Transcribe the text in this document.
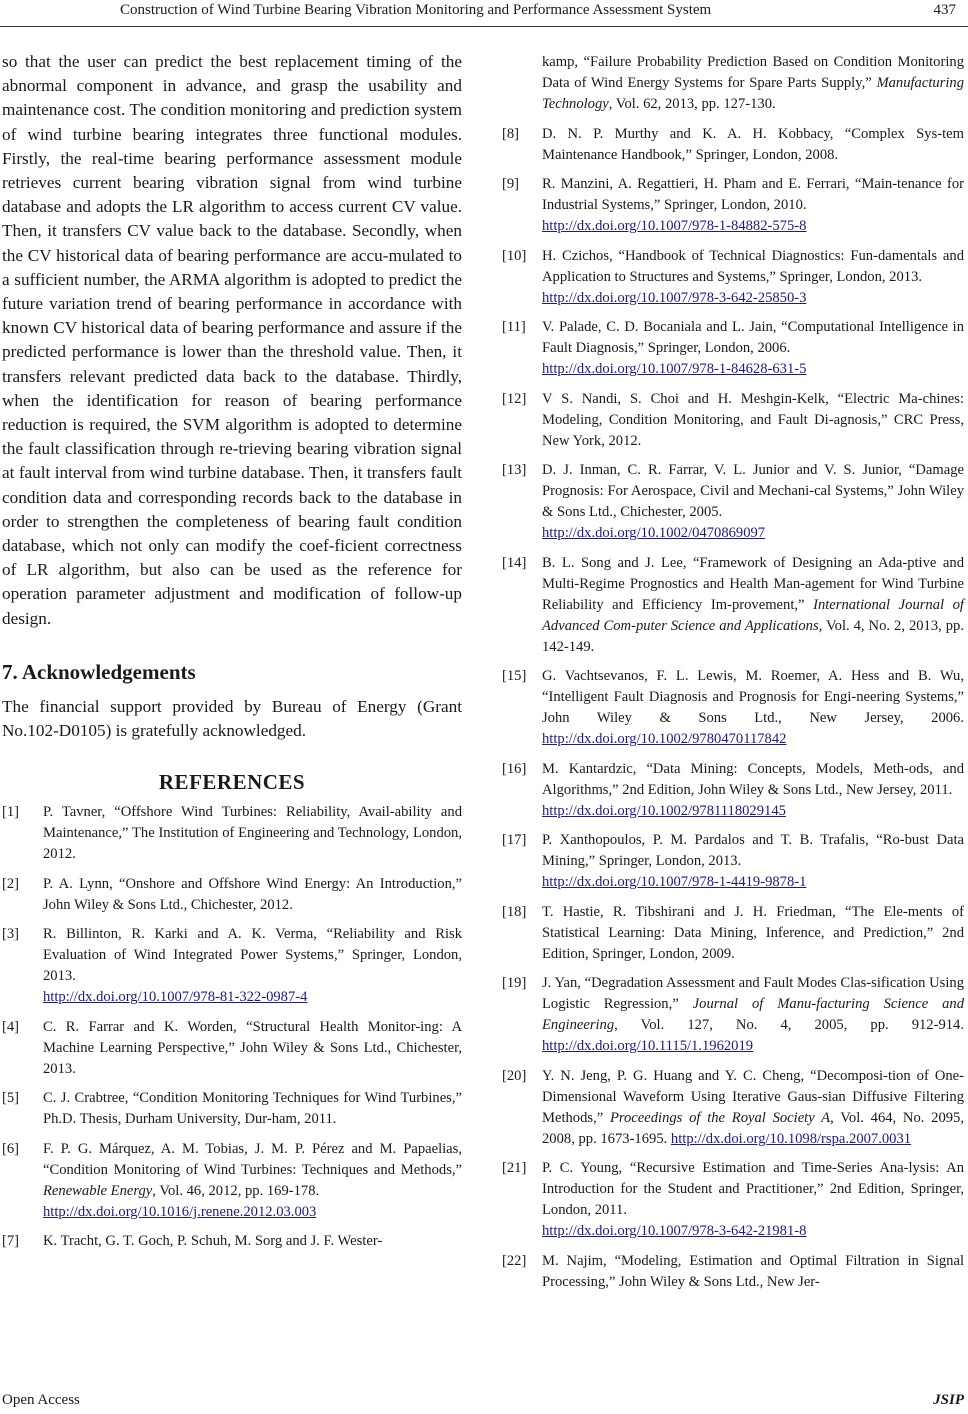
Construction of Wind Turbine Bearing Vibration Monitoring and Performance Assessment System	437

so that the user can predict the best replacement timing of the abnormal component in advance, and grasp the usability and maintenance cost. The condition monitoring and prediction system of wind turbine bearing integrates three functional modules. Firstly, the real-time bearing performance assessment module retrieves current bearing vibration signal from wind turbine database and adopts the LR algorithm to access current CV value. Then, it transfers CV value back to the database. Secondly, when the CV historical data of bearing performance are accu-mulated to a sufficient number, the ARMA algorithm is adopted to predict the future variation trend of bearing performance in accordance with known CV historical data of bearing performance and assure if the predicted performance is lower than the threshold value. Then, it transfers relevant predicted data back to the database. Thirdly, when the identification for reason of bearing performance reduction is required, the SVM algorithm is adopted to determine the fault classification through re-trieving bearing vibration signal at fault interval from wind turbine database. Then, it transfers fault condition data and corresponding records back to the database in order to strengthen the completeness of bearing fault condition database, which not only can modify the coef-ficient correctness of LR algorithm, but also can be used as the reference for operation parameter adjustment and modification of follow-up design.

7. Acknowledgements

The financial support provided by Bureau of Energy (Grant No.102-D0105) is gratefully acknowledged.

REFERENCES
[1] P. Tavner, “Offshore Wind Turbines: Reliability, Avail-ability and Maintenance,” The Institution of Engineering and Technology, London, 2012.
[2] P. A. Lynn, “Onshore and Offshore Wind Energy: An Introduction,” John Wiley & Sons Ltd., Chichester, 2012.
[3] R. Billinton, R. Karki and A. K. Verma, “Reliability and Risk Evaluation of Wind Integrated Power Systems,” Springer, London, 2013.
http://dx.doi.org/10.1007/978-81-322-0987-4
[4] C. R. Farrar and K. Worden, “Structural Health Monitor-ing: A Machine Learning Perspective,” John Wiley & Sons Ltd., Chichester, 2013.
[5] C. J. Crabtree, “Condition Monitoring Techniques for Wind Turbines,” Ph.D. Thesis, Durham University, Dur-ham, 2011.
[6] F. P. G. Márquez, A. M. Tobias, J. M. P. Pérez and M. Papaelias, “Condition Monitoring of Wind Turbines: Techniques and Methods,” Renewable Energy, Vol. 46, 2012, pp. 169-178.
http://dx.doi.org/10.1016/j.renene.2012.03.003
[7] K. Tracht, G. T. Goch, P. Schuh, M. Sorg and J. F. Wester-
kamp, “Failure Probability Prediction Based on Condition Monitoring Data of Wind Energy Systems for Spare Parts Supply,” Manufacturing Technology, Vol. 62, 2013, pp. 127-130.
[8] D. N. P. Murthy and K. A. H. Kobbacy, “Complex Sys-tem Maintenance Handbook,” Springer, London, 2008.
[9] R. Manzini, A. Regattieri, H. Pham and E. Ferrari, “Main-tenance for Industrial Systems,” Springer, London, 2010.
http://dx.doi.org/10.1007/978-1-84882-575-8
[10] H. Czichos, “Handbook of Technical Diagnostics: Fun-damentals and Application to Structures and Systems,” Springer, London, 2013.
http://dx.doi.org/10.1007/978-3-642-25850-3
[11] V. Palade, C. D. Bocaniala and L. Jain, “Computational Intelligence in Fault Diagnosis,” Springer, London, 2006.
http://dx.doi.org/10.1007/978-1-84628-631-5
[12] V S. Nandi, S. Choi and H. Meshgin-Kelk, “Electric Ma-chines: Modeling, Condition Monitoring, and Fault Di-agnosis,” CRC Press, New York, 2012.
[13] D. J. Inman, C. R. Farrar, V. L. Junior and V. S. Junior, “Damage Prognosis: For Aerospace, Civil and Mechani-cal Systems,” John Wiley & Sons Ltd., Chichester, 2005.
http://dx.doi.org/10.1002/0470869097
[14] B. L. Song and J. Lee, “Framework of Designing an Ada-ptive and Multi-Regime Prognostics and Health Man-agement for Wind Turbine Reliability and Efficiency Im-provement,” International Journal of Advanced Com-puter Science and Applications, Vol. 4, No. 2, 2013, pp. 142-149.
[15] G. Vachtsevanos, F. L. Lewis, M. Roemer, A. Hess and B. Wu, “Intelligent Fault Diagnosis and Prognosis for Engi-neering Systems,” John Wiley & Sons Ltd., New Jersey, 2006. http://dx.doi.org/10.1002/9780470117842
[16] M. Kantardzic, “Data Mining: Concepts, Models, Meth-ods, and Algorithms,” 2nd Edition, John Wiley & Sons Ltd., New Jersey, 2011.
http://dx.doi.org/10.1002/9781118029145
[17] P. Xanthopoulos, P. M. Pardalos and T. B. Trafalis, “Ro-bust Data Mining,” Springer, London, 2013.
http://dx.doi.org/10.1007/978-1-4419-9878-1
[18] T. Hastie, R. Tibshirani and J. H. Friedman, “The Ele-ments of Statistical Learning: Data Mining, Inference, and Prediction,” 2nd Edition, Springer, London, 2009.
[19] J. Yan, “Degradation Assessment and Fault Modes Clas-sification Using Logistic Regression,” Journal of Manu-facturing Science and Engineering, Vol. 127, No. 4, 2005, pp. 912-914. http://dx.doi.org/10.1115/1.1962019
[20] Y. N. Jeng, P. G. Huang and Y. C. Cheng, “Decomposi-tion of One-Dimensional Waveform Using Iterative Gaus-sian Diffusive Filtering Methods,” Proceedings of the Royal Society A, Vol. 464, No. 2095, 2008, pp. 1673-1695. http://dx.doi.org/10.1098/rspa.2007.0031
[21] P. C. Young, “Recursive Estimation and Time-Series Ana-lysis: An Introduction for the Student and Practitioner,” 2nd Edition, Springer, London, 2011.
http://dx.doi.org/10.1007/978-3-642-21981-8
[22] M. Najim, “Modeling, Estimation and Optimal Filtration in Signal Processing,” John Wiley & Sons Ltd., New Jer-
Open Access	JSIP
